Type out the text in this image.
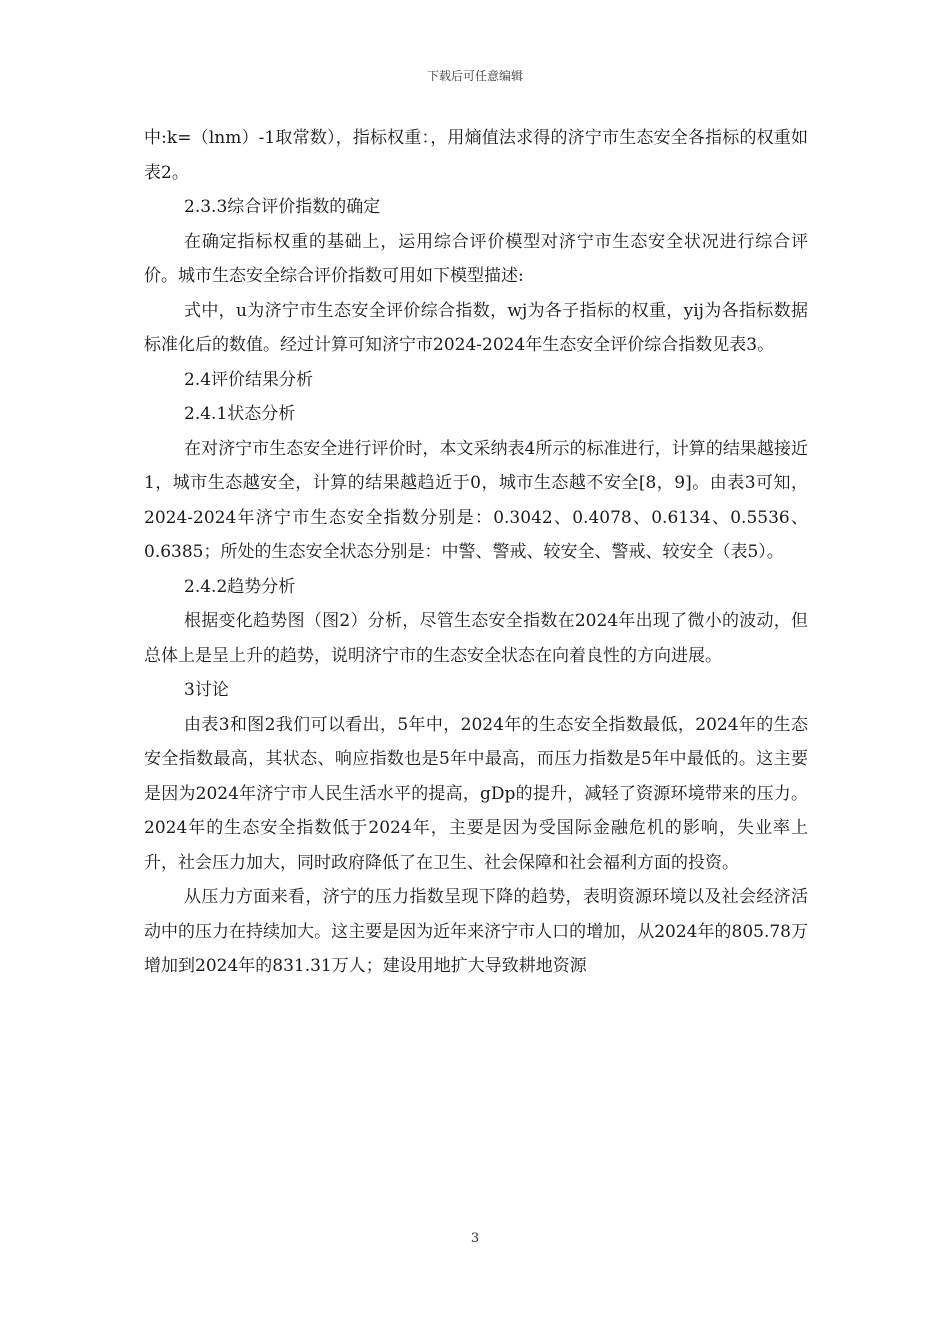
下载后可任意编辑

中:k=（lnm）-1取常数），指标权重：，用熵值法求得的济宁市生态安全各指标的权重如表2。

2.3.3综合评价指数的确定

在确定指标权重的基础上，运用综合评价模型对济宁市生态安全状况进行综合评价。城市生态安全综合评价指数可用如下模型描述:

式中，u为济宁市生态安全评价综合指数，wj为各子指标的权重，yij为各指标数据标准化后的数值。经过计算可知济宁市2024-2024年生态安全评价综合指数见表3。

2.4评价结果分析

2.4.1状态分析

在对济宁市生态安全进行评价时，本文采纳表4所示的标准进行，计算的结果越接近1，城市生态越安全，计算的结果越趋近于0，城市生态越不安全[8，9]。由表3可知，2024-2024年济宁市生态安全指数分别是：0.3042、0.4078、0.6134、0.5536、0.6385；所处的生态安全状态分别是：中警、警戒、较安全、警戒、较安全（表5）。

2.4.2趋势分析

根据变化趋势图（图2）分析，尽管生态安全指数在2024年出现了微小的波动，但总体上是呈上升的趋势，说明济宁市的生态安全状态在向着良性的方向进展。

3讨论

由表3和图2我们可以看出，5年中，2024年的生态安全指数最低，2024年的生态安全指数最高，其状态、响应指数也是5年中最高，而压力指数是5年中最低的。这主要是因为2024年济宁市人民生活水平的提高，gDp的提升，减轻了资源环境带来的压力。2024年的生态安全指数低于2024年，主要是因为受国际金融危机的影响，失业率上升，社会压力加大，同时政府降低了在卫生、社会保障和社会福利方面的投资。

从压力方面来看，济宁的压力指数呈现下降的趋势，表明资源环境以及社会经济活动中的压力在持续加大。这主要是因为近年来济宁市人口的增加，从2024年的805.78万增加到2024年的831.31万人；建设用地扩大导致耕地资源

3
